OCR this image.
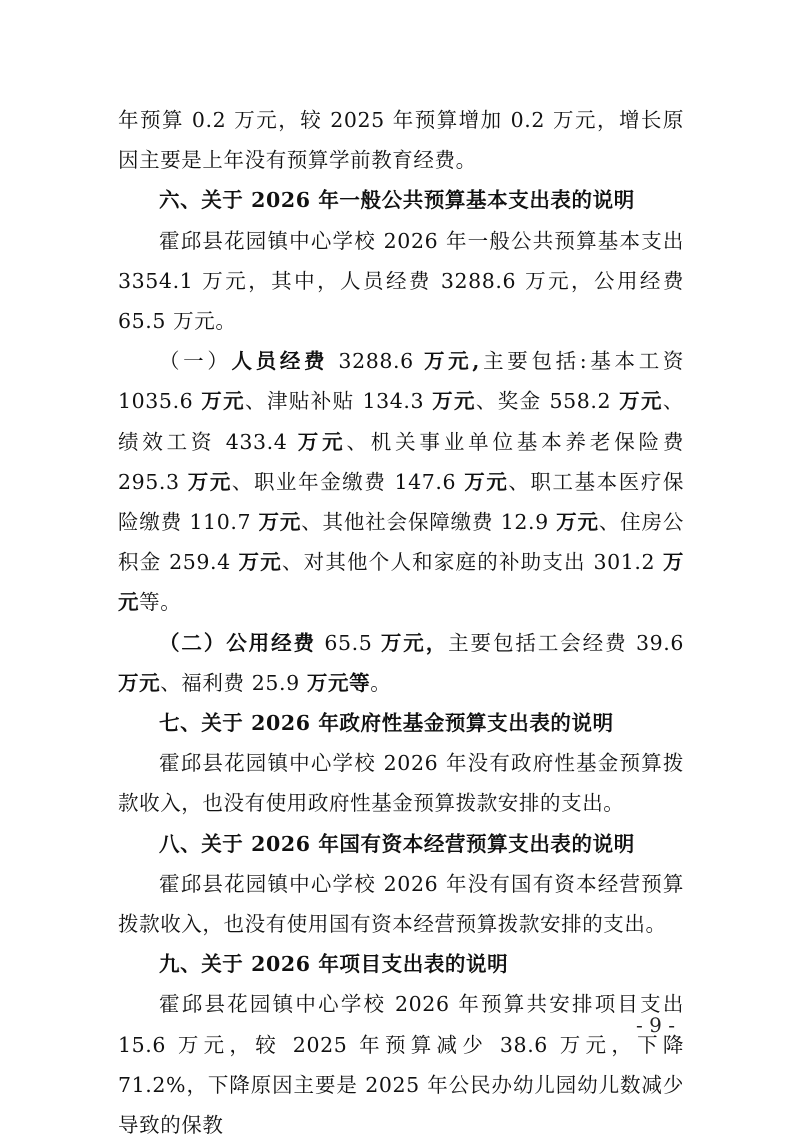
年预算 0.2 万元，较 2025 年预算增加 0.2 万元，增长原因主要是上年没有预算学前教育经费。

六、关于 2026 年一般公共预算基本支出表的说明

霍邱县花园镇中心学校 2026 年一般公共预算基本支出 3354.1 万元，其中，人员经费 3288.6 万元，公用经费 65.5 万元。

（一）人员经费 3288.6 万元,主要包括:基本工资 1035.6 万元、津贴补贴 134.3 万元、奖金 558.2 万元、绩效工资 433.4 万元、机关事业单位基本养老保险费 295.3 万元、职业年金缴费 147.6 万元、职工基本医疗保险缴费 110.7 万元、其他社会保障缴费 12.9 万元、住房公积金 259.4 万元、对其他个人和家庭的补助支出 301.2 万元等。

（二）公用经费 65.5 万元，主要包括工会经费 39.6 万元、福利费 25.9 万元等。

七、关于 2026 年政府性基金预算支出表的说明

霍邱县花园镇中心学校 2026 年没有政府性基金预算拨款收入，也没有使用政府性基金预算拨款安排的支出。

八、关于 2026 年国有资本经营预算支出表的说明

霍邱县花园镇中心学校 2026 年没有国有资本经营预算拨款收入，也没有使用国有资本经营预算拨款安排的支出。

九、关于 2026 年项目支出表的说明

霍邱县花园镇中心学校 2026 年预算共安排项目支出 15.6 万元，较 2025 年预算减少 38.6 万元，下降 71.2%，下降原因主要是 2025 年公民办幼儿园幼儿数减少导致的保教

- 9 -
